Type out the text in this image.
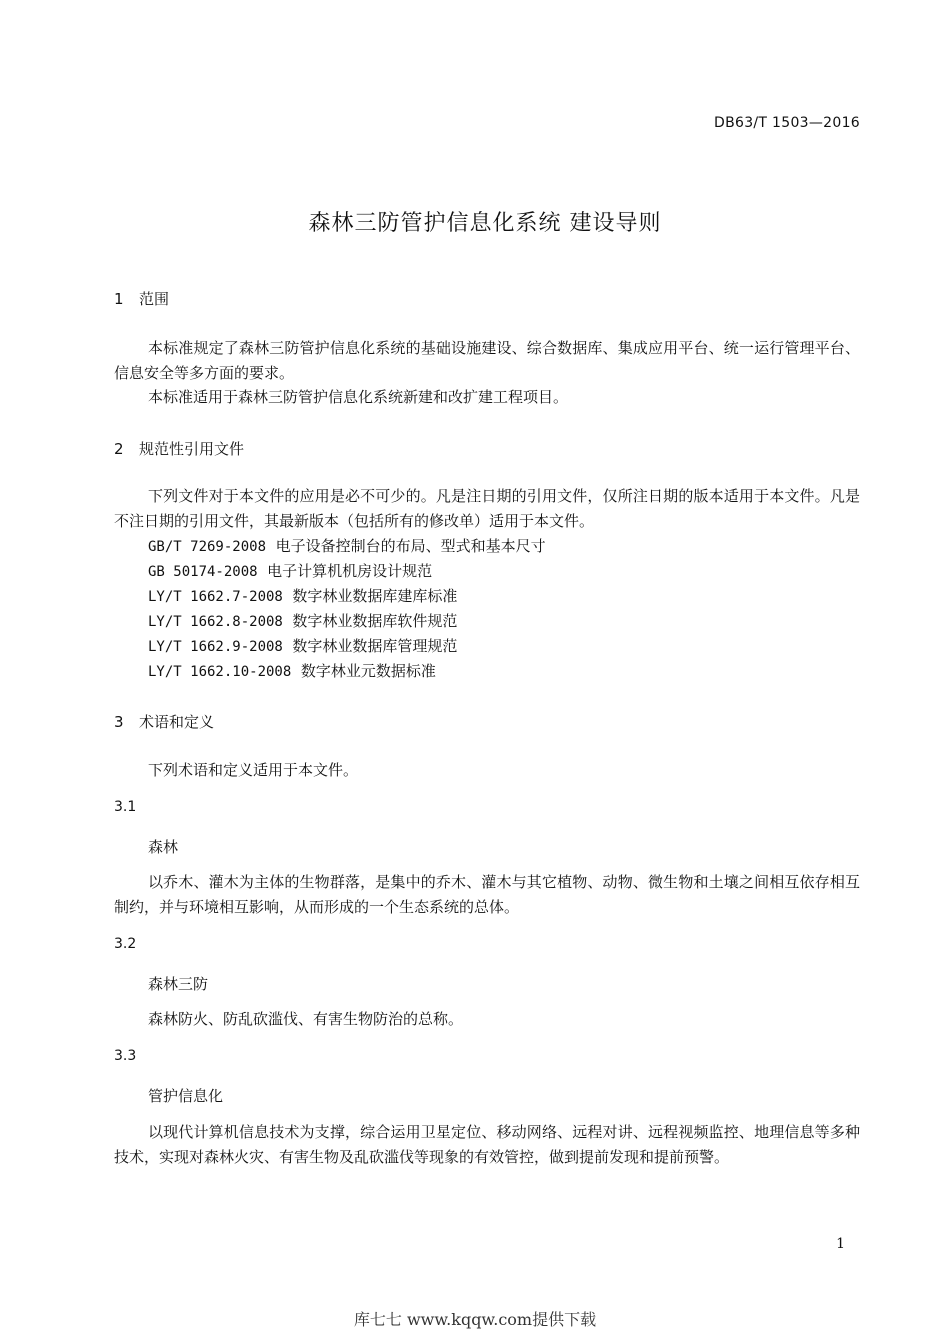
DB63/T 1503—2016
森林三防管护信息化系统 建设导则
1 范围
本标准规定了森林三防管护信息化系统的基础设施建设、综合数据库、集成应用平台、统一运行管理平台、信息安全等多方面的要求。
本标准适用于森林三防管护信息化系统新建和改扩建工程项目。
2 规范性引用文件
下列文件对于本文件的应用是必不可少的。凡是注日期的引用文件，仅所注日期的版本适用于本文件。凡是不注日期的引用文件，其最新版本（包括所有的修改单）适用于本文件。
GB/T 7269-2008 电子设备控制台的布局、型式和基本尺寸
GB 50174-2008 电子计算机机房设计规范
LY/T 1662.7-2008 数字林业数据库建库标准
LY/T 1662.8-2008 数字林业数据库软件规范
LY/T 1662.9-2008 数字林业数据库管理规范
LY/T 1662.10-2008 数字林业元数据标准
3 术语和定义
下列术语和定义适用于本文件。
3.1
森林
以乔木、灌木为主体的生物群落，是集中的乔木、灌木与其它植物、动物、微生物和土壤之间相互依存相互制约，并与环境相互影响，从而形成的一个生态系统的总体。
3.2
森林三防
森林防火、防乱砍滥伐、有害生物防治的总称。
3.3
管护信息化
以现代计算机信息技术为支撑，综合运用卫星定位、移动网络、远程对讲、远程视频监控、地理信息等多种技术，实现对森林火灾、有害生物及乱砍滥伐等现象的有效管控，做到提前发现和提前预警。
1
库七七 www.kqqw.com提供下载
